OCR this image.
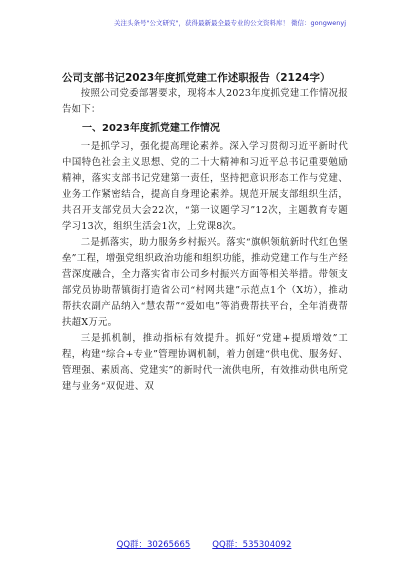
关注头条号"公文研究"，获得最新最全最专业的公文资料库！ 微信：gongwenyj
公司支部书记2023年度抓党建工作述职报告（2124字）

按照公司党委部署要求，现将本人2023年度抓党建工作情况报告如下：

一、2023年度抓党建工作情况

一是抓学习，强化提高理论素养。深入学习贯彻习近平新时代中国特色社会主义思想、党的二十大精神和习近平总书记重要勉励精神，落实支部书记党建第一责任，坚持把意识形态工作与党建、业务工作紧密结合，提高自身理论素养。规范开展支部组织生活，共召开支部党员大会22次，“第一议题学习”12次，主题教育专题学习13次，组织生活会1次，上党课8次。

二是抓落实，助力服务乡村振兴。落实“旗帜领航新时代红色堡垒”工程，增强党组织政治功能和组织功能，推动党建工作与生产经营深度融合，全力落实省市公司乡村振兴方面等相关举措。带领支部党员协助帮镇街打造省公司“村网共建”示范点1个（X坊），推动帮扶农副产品纳入“慧农帮”“爱如电”等消费帮扶平台，全年消费帮扶超X万元。

三是抓机制，推动指标有效提升。抓好“党建+提质增效”工程，构建“综合+专业”管理协调机制，着力创建“供电优、服务好、管理强、素质高、党建实”的新时代一流供电所，有效推动供电所党建与业务“双促进、双

QQ群：30265665	QQ群：535304092
